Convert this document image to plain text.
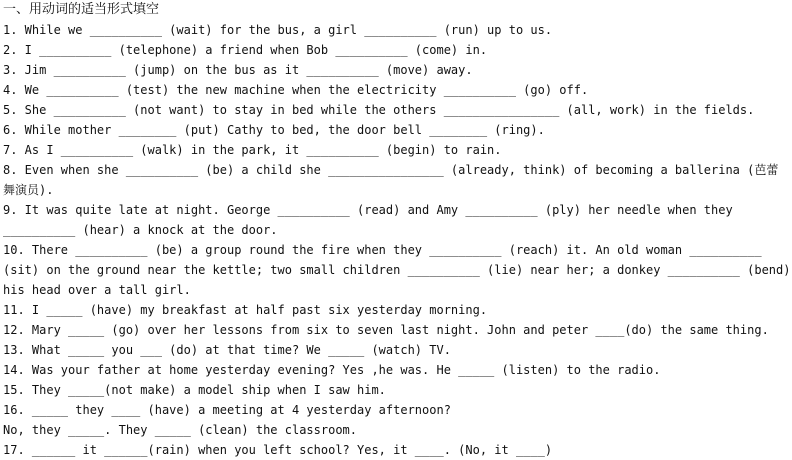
一、用动词的适当形式填空
1. While we __________ (wait) for the bus, a girl __________ (run) up to us.
2. I __________ (telephone) a friend when Bob __________ (come) in.
3. Jim __________ (jump) on the bus as it __________ (move) away.
4. We __________ (test) the new machine when the electricity __________ (go) off.
5. She __________ (not want) to stay in bed while the others ________________ (all, work) in the fields.
6. While mother ________ (put) Cathy to bed, the door bell ________ (ring).
7. As I __________ (walk) in the park, it __________ (begin) to rain.
8. Even when she __________ (be) a child she ________________ (already, think) of becoming a ballerina (芭蕾
舞演员).
9. It was quite late at night. George __________ (read) and Amy __________ (ply) her needle when they
__________ (hear) a knock at the door.
10. There __________ (be) a group round the fire when they __________ (reach) it. An old woman __________
(sit) on the ground near the kettle; two small children __________ (lie) near her; a donkey __________ (bend)
his head over a tall girl.
11. I _____ (have) my breakfast at half past six yesterday morning.
12. Mary _____ (go) over her lessons from six to seven last night. John and peter ____(do) the same thing.
13. What _____ you ___ (do) at that time? We _____ (watch) TV.
14. Was your father at home yesterday evening? Yes ,he was. He _____ (listen) to the radio.
15. They _____(not make) a model ship when I saw him.
16. _____ they ____ (have) a meeting at 4 yesterday afternoon?
No, they _____. They _____ (clean) the classroom.
17. ______ it ______(rain) when you left school? Yes, it ____. (No, it ____)
